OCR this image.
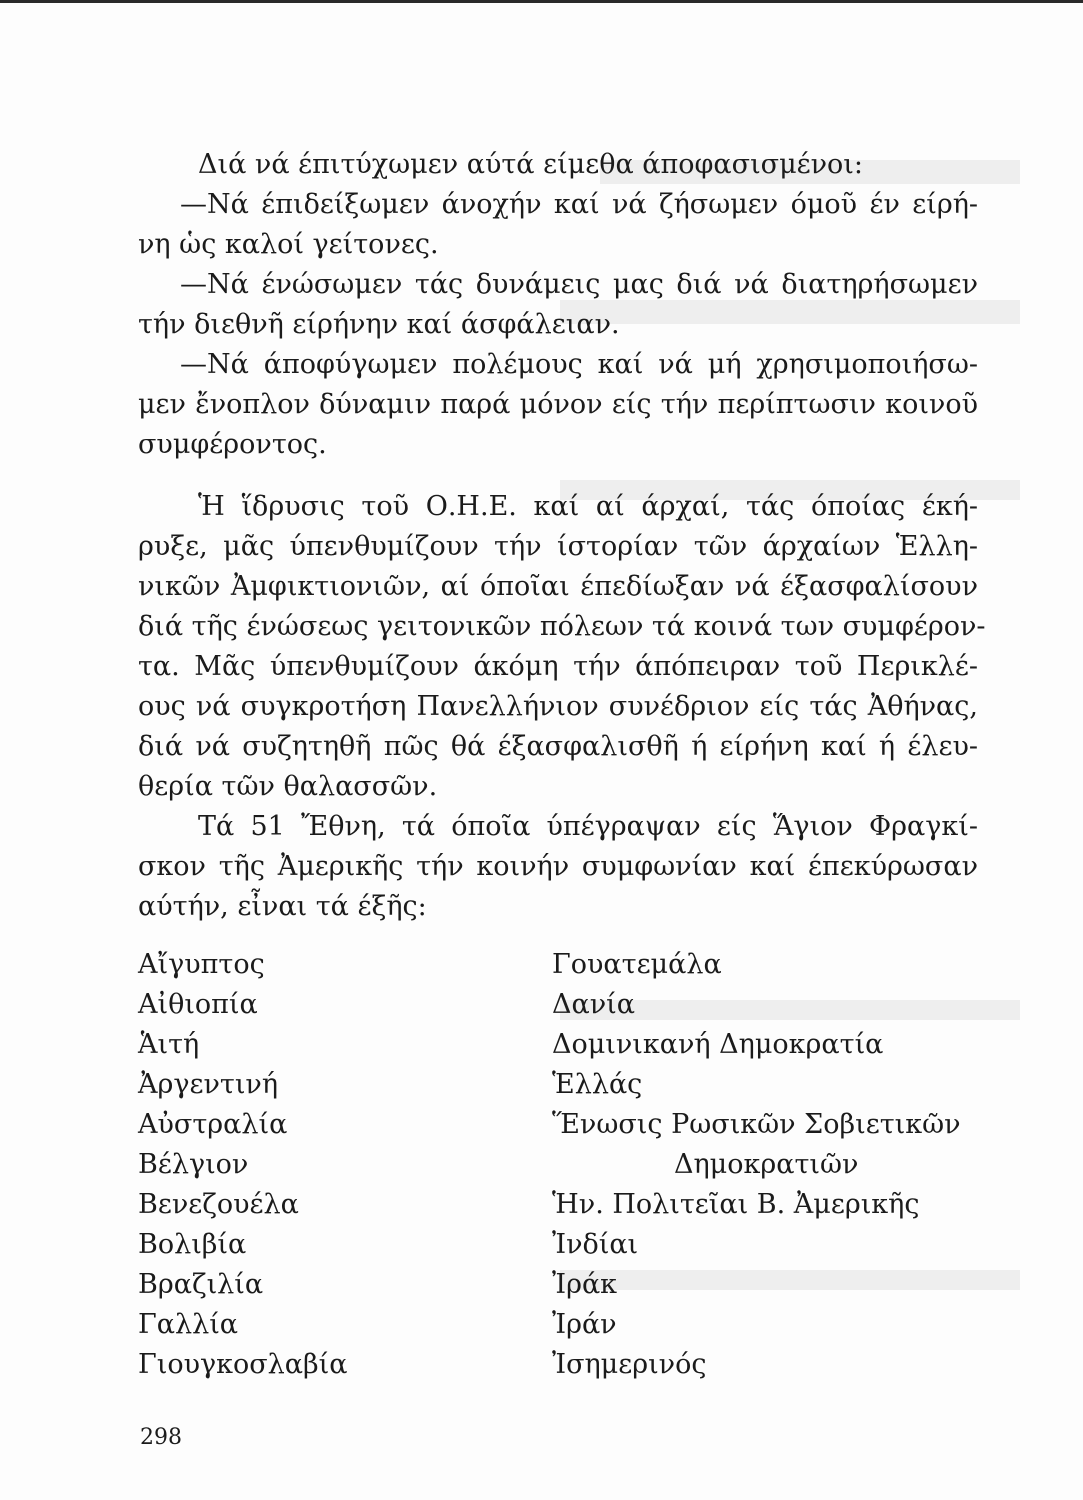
Διά νά έπιτύχωμεν αύτά είμεθα άποφασισμένοι:
—Νά έπιδείξωμεν άνοχήν καί νά ζήσωμεν όμοῦ έν είρή-
νη ὡς καλοί γείτονες.
—Νά ένώσωμεν τάς δυνάμεις μας διά νά διατηρήσωμεν
τήν διεθνῆ είρήνην καί άσφάλειαν.
—Νά άποφύγωμεν πολέμους καί νά μή χρησιμοποιήσω-
μεν ἔνοπλον δύναμιν παρά μόνον είς τήν περίπτωσιν κοινοῦ
συμφέροντος.
Ἡ ἵδρυσις τοῦ Ο.Η.Ε. καί αί άρχαί, τάς όποίας έκή-
ρυξε, μᾶς ύπενθυμίζουν τήν ίστορίαν τῶν άρχαίων Ἑλλη-
νικῶν Ἀμφικτιονιῶν, αί όποῖαι έπεδίωξαν νά έξασφαλίσουν
διά τῆς ένώσεως γειτονικῶν πόλεων τά κοινά των συμφέρον-
τα. Μᾶς ύπενθυμίζουν άκόμη τήν άπόπειραν τοῦ Περικλέ-
ους νά συγκροτήση Πανελλήνιον συνέδριον είς τάς Ἀθήνας,
διά νά συζητηθῆ πῶς θά έξασφαλισθῆ ή είρήνη καί ή έλευ-
θερία τῶν θαλασσῶν.
Τά 51 Ἔθνη, τά όποῖα ύπέγραψαν είς Ἅγιον Φραγκί-
σκον τῆς Ἀμερικῆς τήν κοινήν συμφωνίαν καί έπεκύρωσαν
αύτήν, εἶναι τά έξῆς:
Αἴγυπτος	Γουατεμάλα
Αἰθιοπία	Δανία
Ἁιτή	Δομινικανή Δημοκρατία
Ἀργεντινή	Ἑλλάς
Αὐστραλία	Ἕνωσις Ρωσικῶν Σοβιετικῶν
Βέλγιον	Δημοκρατιῶν
Βενεζουέλα	Ἡν. Πολιτεῖαι Β. Ἀμερικῆς
Βολιβία	Ἰνδίαι
Βραζιλία	Ἰράκ
Γαλλία	Ἰράν
Γιουγκοσλαβία	Ἰσημερινός
298
